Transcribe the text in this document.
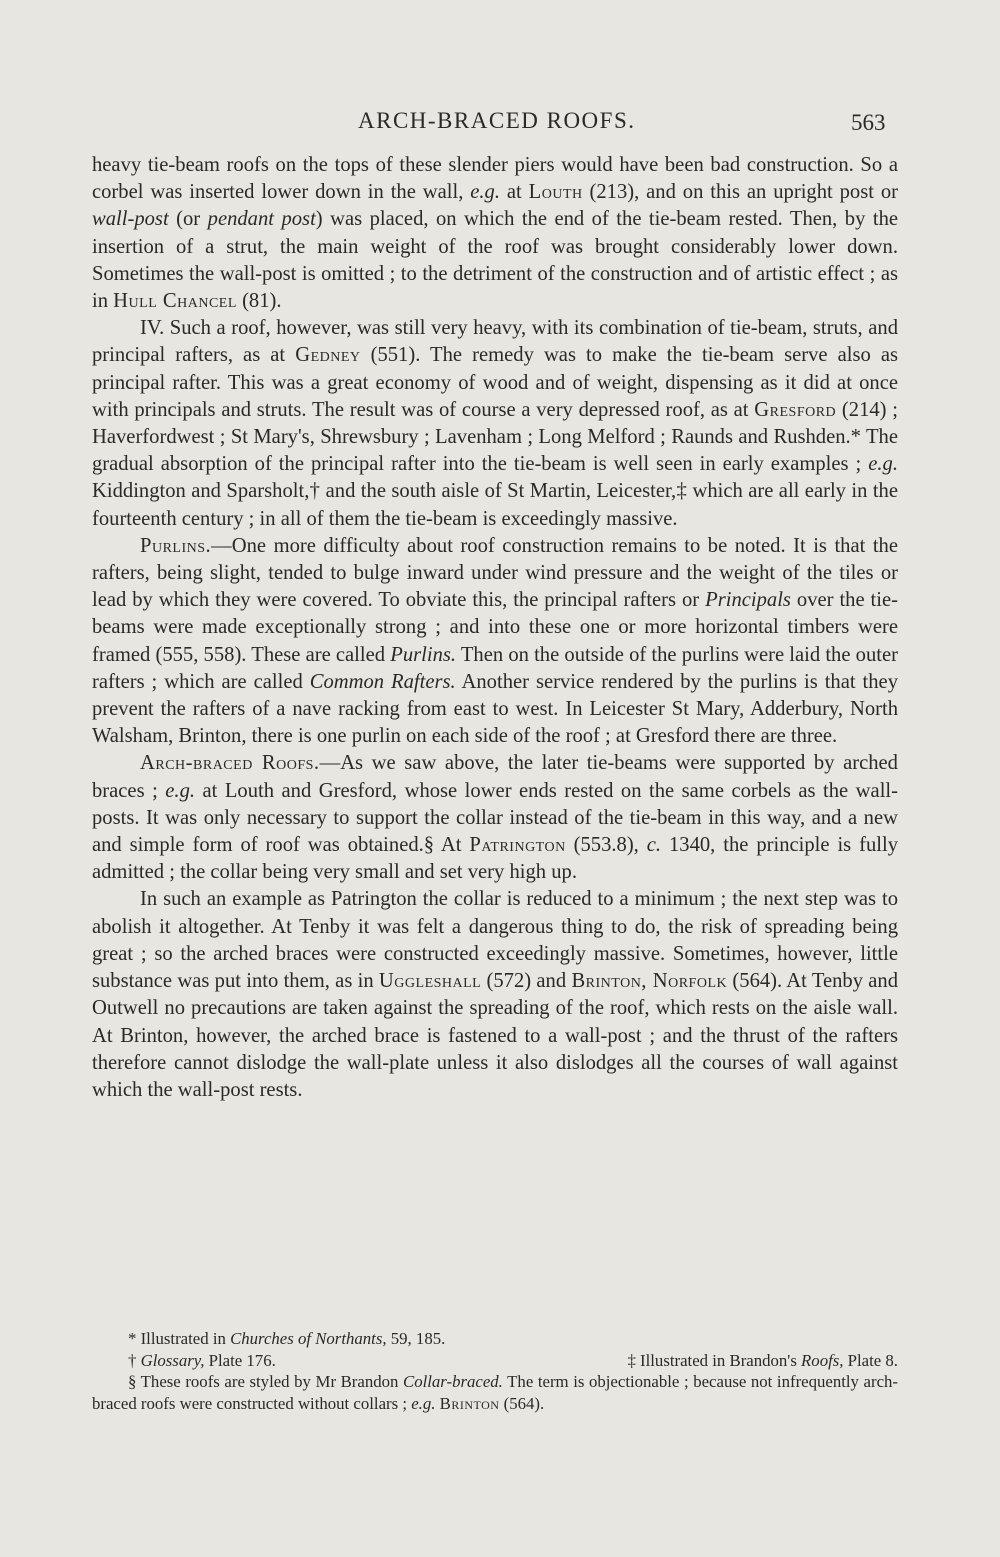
ARCH-BRACED ROOFS.	563

heavy tie-beam roofs on the tops of these slender piers would have been bad construction. So a corbel was inserted lower down in the wall, e.g. at Louth (213), and on this an upright post or wall-post (or pendant post) was placed, on which the end of the tie-beam rested. Then, by the insertion of a strut, the main weight of the roof was brought considerably lower down. Sometimes the wall-post is omitted ; to the detriment of the construction and of artistic effect ; as in Hull Chancel (81).

IV. Such a roof, however, was still very heavy, with its combination of tie-beam, struts, and principal rafters, as at Gedney (551). The remedy was to make the tie-beam serve also as principal rafter. This was a great economy of wood and of weight, dispensing as it did at once with principals and struts. The result was of course a very depressed roof, as at Gresford (214) ; Haverfordwest ; St Mary's, Shrewsbury ; Lavenham ; Long Melford ; Raunds and Rushden.* The gradual absorption of the principal rafter into the tie-beam is well seen in early examples ; e.g. Kiddington and Sparsholt,† and the south aisle of St Martin, Leicester,‡ which are all early in the fourteenth century ; in all of them the tie-beam is exceedingly massive.

Purlins.—One more difficulty about roof construction remains to be noted. It is that the rafters, being slight, tended to bulge inward under wind pressure and the weight of the tiles or lead by which they were covered. To obviate this, the principal rafters or Principals over the tie-beams were made exceptionally strong ; and into these one or more horizontal timbers were framed (555, 558). These are called Purlins. Then on the outside of the purlins were laid the outer rafters ; which are called Common Rafters. Another service rendered by the purlins is that they prevent the rafters of a nave racking from east to west. In Leicester St Mary, Adderbury, North Walsham, Brinton, there is one purlin on each side of the roof ; at Gresford there are three.

Arch-braced Roofs.—As we saw above, the later tie-beams were supported by arched braces ; e.g. at Louth and Gresford, whose lower ends rested on the same corbels as the wall-posts. It was only necessary to support the collar instead of the tie-beam in this way, and a new and simple form of roof was obtained.§ At Patrington (553.8), c. 1340, the principle is fully admitted ; the collar being very small and set very high up.

In such an example as Patrington the collar is reduced to a minimum ; the next step was to abolish it altogether. At Tenby it was felt a dangerous thing to do, the risk of spreading being great ; so the arched braces were constructed exceedingly massive. Sometimes, however, little substance was put into them, as in Uggleshall (572) and Brinton, Norfolk (564). At Tenby and Outwell no precautions are taken against the spreading of the roof, which rests on the aisle wall. At Brinton, however, the arched brace is fastened to a wall-post ; and the thrust of the rafters therefore cannot dislodge the wall-plate unless it also dislodges all the courses of wall against which the wall-post rests.

* Illustrated in Churches of Northants, 59, 185.

† Glossary, Plate 176.	‡ Illustrated in Brandon's Roofs, Plate 8.

§ These roofs are styled by Mr Brandon Collar-braced. The term is objectionable ; because not infrequently arch-braced roofs were constructed without collars ; e.g. Brinton (564).
